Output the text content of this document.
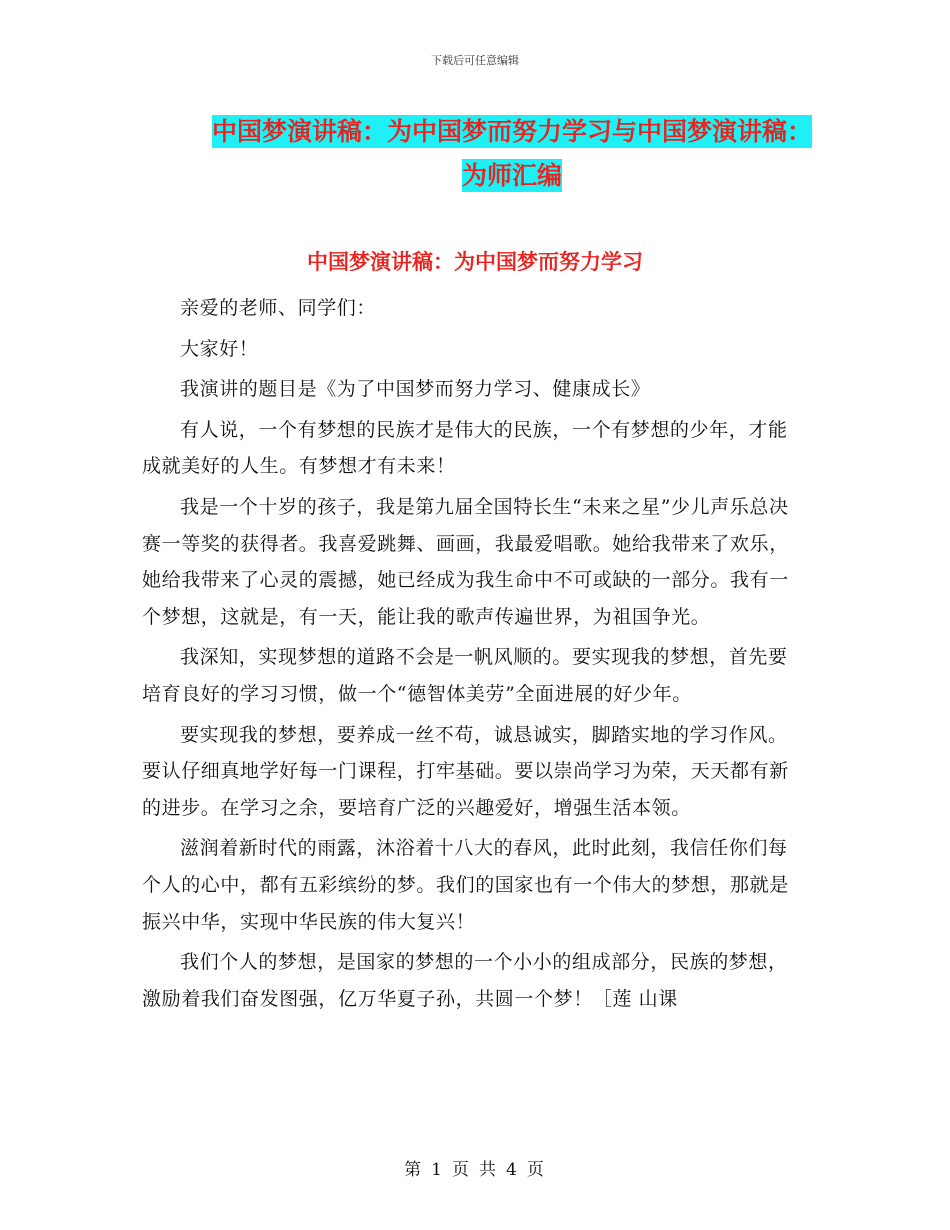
下载后可任意编辑
中国梦演讲稿：为中国梦而努力学习与中国梦演讲稿：
为师汇编
中国梦演讲稿：为中国梦而努力学习

亲爱的老师、同学们：

大家好！

我演讲的题目是《为了中国梦而努力学习、健康成长》

有人说，一个有梦想的民族才是伟大的民族，一个有梦想的少年，才能成就美好的人生。有梦想才有未来！

我是一个十岁的孩子，我是第九届全国特长生“未来之星”少儿声乐总决赛一等奖的获得者。我喜爱跳舞、画画，我最爱唱歌。她给我带来了欢乐，她给我带来了心灵的震撼，她已经成为我生命中不可或缺的一部分。我有一个梦想，这就是，有一天，能让我的歌声传遍世界，为祖国争光。

我深知，实现梦想的道路不会是一帆风顺的。要实现我的梦想，首先要培育良好的学习习惯，做一个“德智体美劳”全面进展的好少年。

要实现我的梦想，要养成一丝不苟，诚恳诚实，脚踏实地的学习作风。要认仔细真地学好每一门课程，打牢基础。要以崇尚学习为荣，天天都有新的进步。在学习之余，要培育广泛的兴趣爱好，增强生活本领。

滋润着新时代的雨露，沐浴着十八大的春风，此时此刻，我信任你们每个人的心中，都有五彩缤纷的梦。我们的国家也有一个伟大的梦想，那就是振兴中华，实现中华民族的伟大复兴！

我们个人的梦想，是国家的梦想的一个小小的组成部分，民族的梦想，激励着我们奋发图强，亿万华夏子孙，共圆一个梦！［莲 山课

第 1 页 共 4 页
